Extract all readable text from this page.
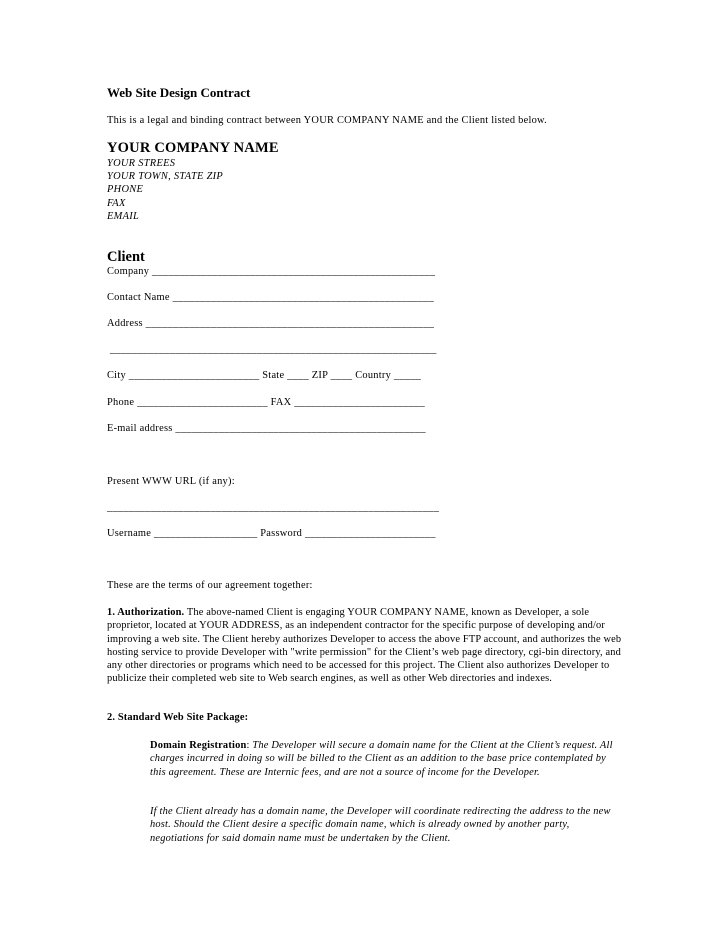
Web Site Design Contract
This is a legal and binding contract between YOUR COMPANY NAME and the Client listed below.
YOUR COMPANY NAME
YOUR STREES
YOUR TOWN, STATE ZIP
PHONE
FAX
EMAIL
Client
Company ____________________________________________________
Contact Name ________________________________________________
Address _____________________________________________________
____________________________________________________________
City ________________________ State ____ ZIP ____ Country _____
Phone ________________________ FAX ________________________
E-mail address ______________________________________________
Present WWW URL (if any):
_____________________________________________________________
Username ___________________ Password ________________________
These are the terms of our agreement together:
1. Authorization. The above-named Client is engaging YOUR COMPANY NAME, known as Developer, a sole proprietor, located at YOUR ADDRESS, as an independent contractor for the specific purpose of developing and/or improving a web site. The Client hereby authorizes Developer to access the above FTP account, and authorizes the web hosting service to provide Developer with "write permission" for the Client’s web page directory, cgi-bin directory, and any other directories or programs which need to be accessed for this project. The Client also authorizes Developer to publicize their completed web site to Web search engines, as well as other Web directories and indexes.
2. Standard Web Site Package:
Domain Registration: The Developer will secure a domain name for the Client at the Client’s request. All charges incurred in doing so will be billed to the Client as an addition to the base price contemplated by this agreement. These are Internic fees, and are not a source of income for the Developer.
If the Client already has a domain name, the Developer will coordinate redirecting the address to the new host. Should the Client desire a specific domain name, which is already owned by another party, negotiations for said domain name must be undertaken by the Client.
